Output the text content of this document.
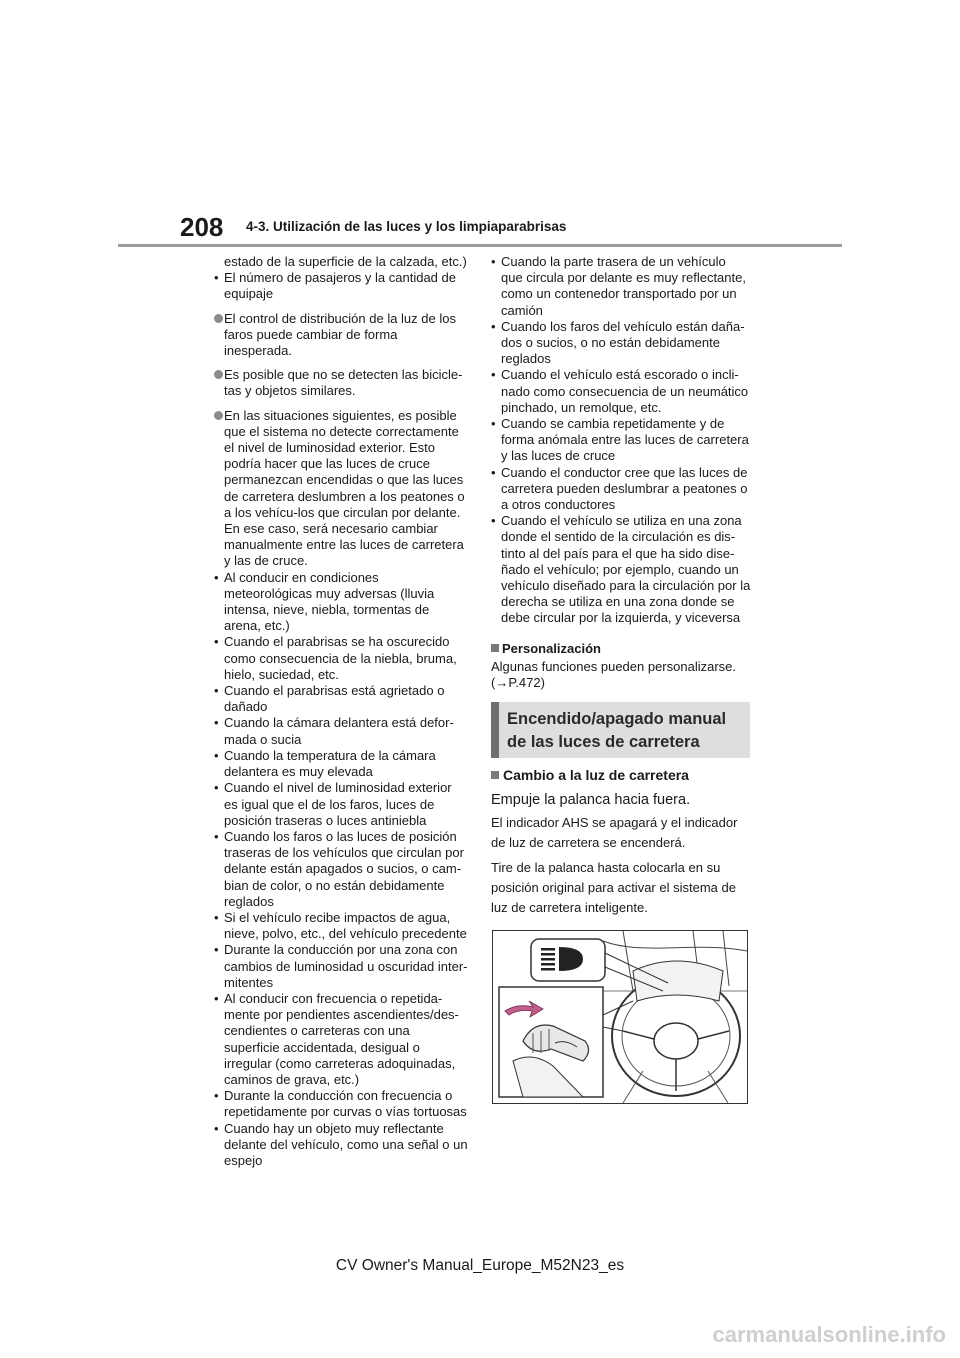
208 4-3. Utilización de las luces y los limpiaparabrisas
estado de la superficie de la calzada, etc.)
• El número de pasajeros y la cantidad de equipaje
El control de distribución de la luz de los faros puede cambiar de forma inesperada.
Es posible que no se detecten las bicicle-tas y objetos similares.
En las situaciones siguientes, es posible que el sistema no detecte correctamente el nivel de luminosidad exterior. Esto podría hacer que las luces de cruce permanezcan encendidas o que las luces de carretera deslumbren a los peatones o a los vehícu-los que circulan por delante. En ese caso, será necesario cambiar manualmente entre las luces de carretera y las de cruce.
• Al conducir en condiciones meteorológicas muy adversas (lluvia intensa, nieve, niebla, tormentas de arena, etc.)
• Cuando el parabrisas se ha oscurecido como consecuencia de la niebla, bruma, hielo, suciedad, etc.
• Cuando el parabrisas está agrietado o dañado
• Cuando la cámara delantera está defor-mada o sucia
• Cuando la temperatura de la cámara delantera es muy elevada
• Cuando el nivel de luminosidad exterior es igual que el de los faros, luces de posición traseras o luces antiniebla
• Cuando los faros o las luces de posición traseras de los vehículos que circulan por delante están apagados o sucios, o cam-bian de color, o no están debidamente reglados
• Si el vehículo recibe impactos de agua, nieve, polvo, etc., del vehículo precedente
• Durante la conducción por una zona con cambios de luminosidad u oscuridad inter-mitentes
• Al conducir con frecuencia o repetida-mente por pendientes ascendientes/des-cendientes o carreteras con una superficie accidentada, desigual o irregular (como carreteras adoquinadas, caminos de grava, etc.)
• Durante la conducción con frecuencia o repetidamente por curvas o vías tortuosas
• Cuando hay un objeto muy reflectante delante del vehículo, como una señal o un espejo
• Cuando la parte trasera de un vehículo que circula por delante es muy reflectante, como un contenedor transportado por un camión
• Cuando los faros del vehículo están daña-dos o sucios, o no están debidamente reglados
• Cuando el vehículo está escorado o incli-nado como consecuencia de un neumático pinchado, un remolque, etc.
• Cuando se cambia repetidamente y de forma anómala entre las luces de carretera y las luces de cruce
• Cuando el conductor cree que las luces de carretera pueden deslumbrar a peatones o a otros conductores
• Cuando el vehículo se utiliza en una zona donde el sentido de la circulación es dis-tinto al del país para el que ha sido dise-ñado el vehículo; por ejemplo, cuando un vehículo diseñado para la circulación por la derecha se utiliza en una zona donde se debe circular por la izquierda, y viceversa
Personalización
Algunas funciones pueden personalizarse. (→P.472)
Encendido/apagado manual de las luces de carretera
Cambio a la luz de carretera
Empuje la palanca hacia fuera.
El indicador AHS se apagará y el indicador de luz de carretera se encenderá.
Tire de la palanca hasta colocarla en su posición original para activar el sistema de luz de carretera inteligente.
CV Owner's Manual_Europe_M52N23_es
carmanualsonline.info
